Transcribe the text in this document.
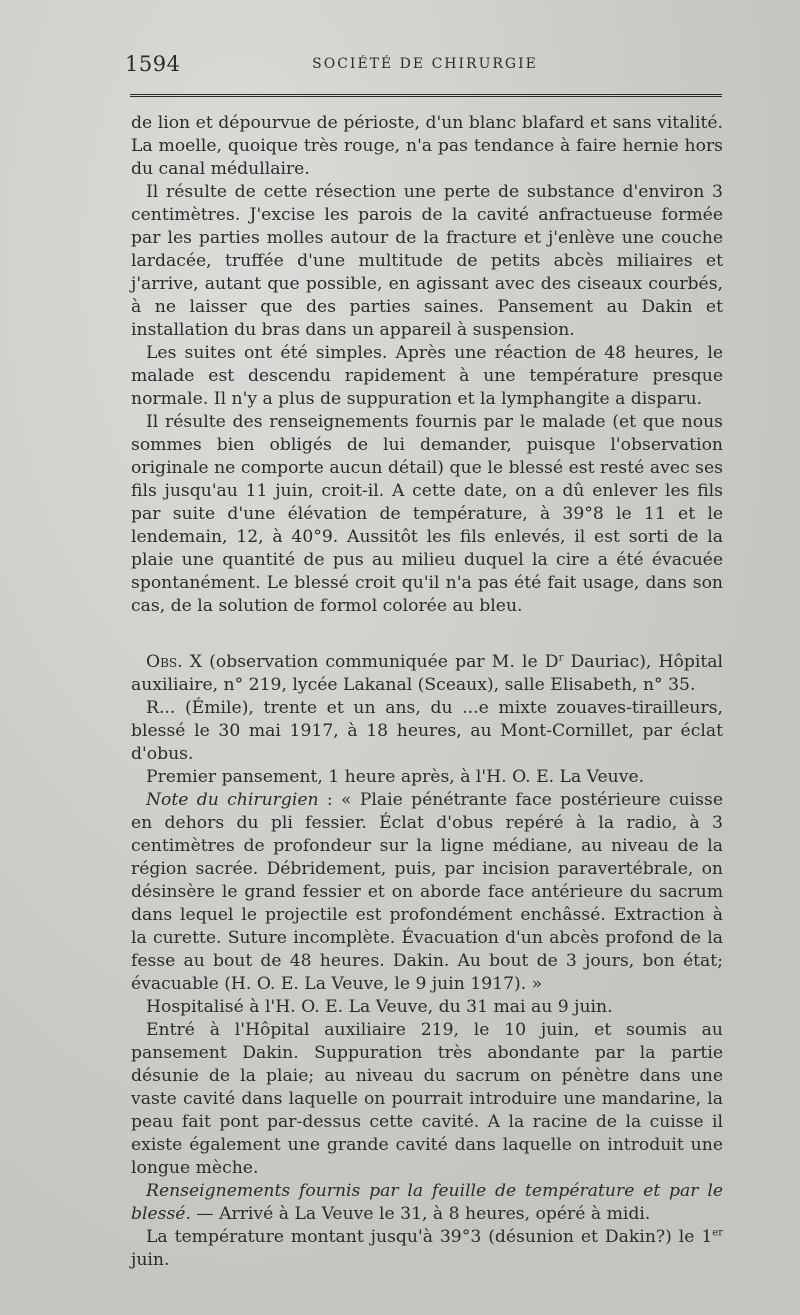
1594	SOCIÉTÉ DE CHIRURGIE

de lion et dépourvue de périoste, d'un blanc blafard et sans vitalité. La moelle, quoique très rouge, n'a pas tendance à faire hernie hors du canal médullaire.

Il résulte de cette résection une perte de substance d'environ 3 centimètres. J'excise les parois de la cavité anfractueuse formée par les parties molles autour de la fracture et j'enlève une couche lardacée, truffée d'une multitude de petits abcès miliaires et j'arrive, autant que possible, en agissant avec des ciseaux courbés, à ne laisser que des parties saines. Pansement au Dakin et installation du bras dans un appareil à suspension.

Les suites ont été simples. Après une réaction de 48 heures, le malade est descendu rapidement à une température presque normale. Il n'y a plus de suppuration et la lymphangite a disparu.

Il résulte des renseignements fournis par le malade (et que nous sommes bien obligés de lui demander, puisque l'observation originale ne comporte aucun détail) que le blessé est resté avec ses fils jusqu'au 11 juin, croit-il. A cette date, on a dû enlever les fils par suite d'une élévation de température, à 39°8 le 11 et le lendemain, 12, à 40°9. Aussitôt les fils enlevés, il est sorti de la plaie une quantité de pus au milieu duquel la cire a été évacuée spontanément. Le blessé croit qu'il n'a pas été fait usage, dans son cas, de la solution de formol colorée au bleu.

Obs. X (observation communiquée par M. le $D^r$ Dauriac), Hôpital auxiliaire, n° 219, lycée Lakanal (Sceaux), salle Elisabeth, n° 35.

R... (Émile), trente et un ans, du ...e mixte zouaves-tirailleurs, blessé le 30 mai 1917, à 18 heures, au Mont-Cornillet, par éclat d'obus.

Premier pansement, 1 heure après, à l'H. O. E. La Veuve.

Note du chirurgien : « Plaie pénétrante face postérieure cuisse en dehors du pli fessier. Éclat d'obus repéré à la radio, à 3 centimètres de profondeur sur la ligne médiane, au niveau de la région sacrée. Débridement, puis, par incision paravertébrale, on désinsère le grand fessier et on aborde face antérieure du sacrum dans lequel le projectile est profondément enchâssé. Extraction à la curette. Suture incomplète. Évacuation d'un abcès profond de la fesse au bout de 48 heures. Dakin. Au bout de 3 jours, bon état; évacuable (H. O. E. La Veuve, le 9 juin 1917). »

Hospitalisé à l'H. O. E. La Veuve, du 31 mai au 9 juin.

Entré à l'Hôpital auxiliaire 219, le 10 juin, et soumis au pansement Dakin. Suppuration très abondante par la partie désunie de la plaie; au niveau du sacrum on pénètre dans une vaste cavité dans laquelle on pourrait introduire une mandarine, la peau fait pont par-dessus cette cavité. A la racine de la cuisse il existe également une grande cavité dans laquelle on introduit une longue mèche.

Renseignements fournis par la feuille de température et par le blessé. — Arrivé à La Veuve le 31, à 8 heures, opéré à midi.

La température montant jusqu'à 39°3 (désunion et Dakin?) le 1er juin.
